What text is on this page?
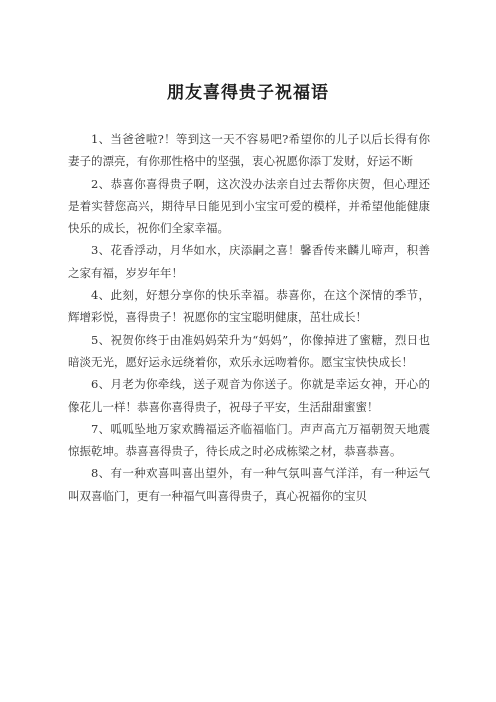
朋友喜得贵子祝福语

1、当爸爸啦?！等到这一天不容易吧?希望你的儿子以后长得有你妻子的漂亮，有你那性格中的坚强，衷心祝愿你添丁发财，好运不断

2、恭喜你喜得贵子啊，这次没办法亲自过去帮你庆贺，但心理还是着实替您高兴，期待早日能见到小宝宝可爱的模样，并希望他能健康快乐的成长，祝你们全家幸福。

3、花香浮动，月华如水，庆添嗣之喜！馨香传来麟儿啼声，积善之家有福，岁岁年年！

4、此刻，好想分享你的快乐幸福。恭喜你，在这个深情的季节，辉增彩悦，喜得贵子！祝愿你的宝宝聪明健康，茁壮成长！

5、祝贺你终于由准妈妈荣升为“妈妈”，你像掉进了蜜糖，烈日也暗淡无光，愿好运永远绕着你，欢乐永远吻着你。愿宝宝快快成长！

6、月老为你牵线，送子观音为你送子。你就是幸运女神，开心的像花儿一样！恭喜你喜得贵子，祝母子平安，生活甜甜蜜蜜！

7、呱呱坠地万家欢腾福运齐临福临门。声声高亢万福朝贺天地震惊振乾坤。恭喜喜得贵子，待长成之时必成栋梁之材，恭喜恭喜。

8、有一种欢喜叫喜出望外，有一种气氛叫喜气洋洋，有一种运气叫双喜临门，更有一种福气叫喜得贵子，真心祝福你的宝贝
